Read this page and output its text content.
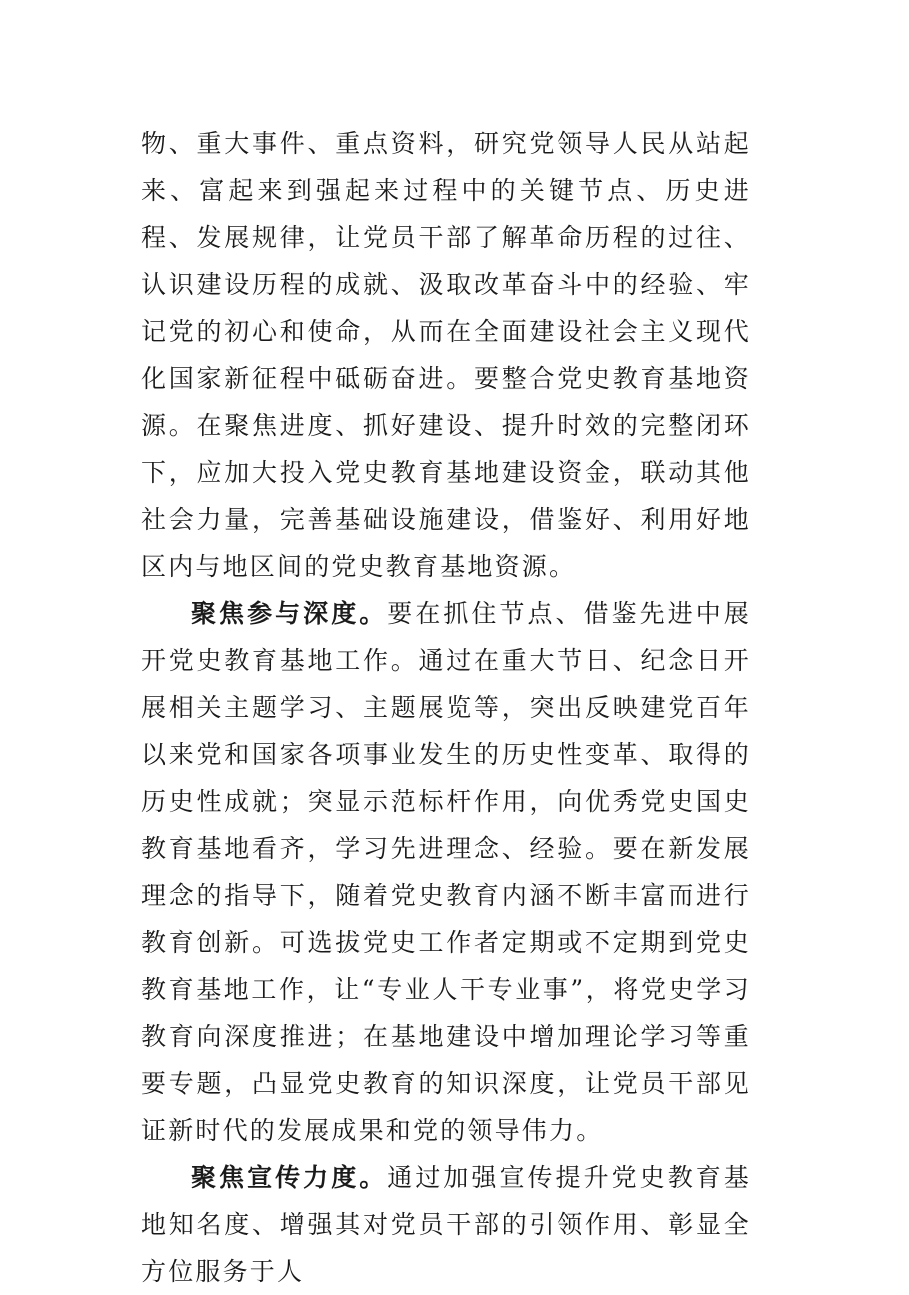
物、重大事件、重点资料，研究党领导人民从站起来、富起来到强起来过程中的关键节点、历史进程、发展规律，让党员干部了解革命历程的过往、认识建设历程的成就、汲取改革奋斗中的经验、牢记党的初心和使命，从而在全面建设社会主义现代化国家新征程中砥砺奋进。要整合党史教育基地资源。在聚焦进度、抓好建设、提升时效的完整闭环下，应加大投入党史教育基地建设资金，联动其他社会力量，完善基础设施建设，借鉴好、利用好地区内与地区间的党史教育基地资源。

聚焦参与深度。要在抓住节点、借鉴先进中展开党史教育基地工作。通过在重大节日、纪念日开展相关主题学习、主题展览等，突出反映建党百年以来党和国家各项事业发生的历史性变革、取得的历史性成就；突显示范标杆作用，向优秀党史国史教育基地看齐，学习先进理念、经验。要在新发展理念的指导下，随着党史教育内涵不断丰富而进行教育创新。可选拔党史工作者定期或不定期到党史教育基地工作，让“专业人干专业事”，将党史学习教育向深度推进；在基地建设中增加理论学习等重要专题，凸显党史教育的知识深度，让党员干部见证新时代的发展成果和党的领导伟力。

聚焦宣传力度。通过加强宣传提升党史教育基地知名度、增强其对党员干部的引领作用、彰显全方位服务于人
